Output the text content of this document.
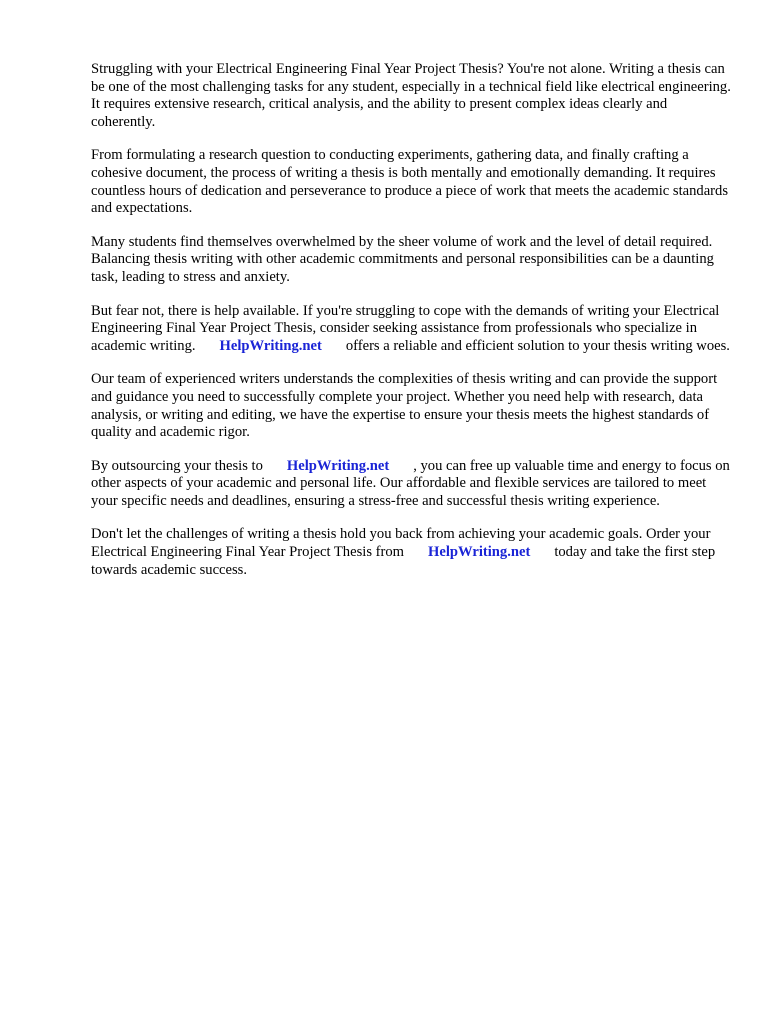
Struggling with your Electrical Engineering Final Year Project Thesis? You're not alone. Writing a thesis can be one of the most challenging tasks for any student, especially in a technical field like electrical engineering. It requires extensive research, critical analysis, and the ability to present complex ideas clearly and coherently.

From formulating a research question to conducting experiments, gathering data, and finally crafting a cohesive document, the process of writing a thesis is both mentally and emotionally demanding. It requires countless hours of dedication and perseverance to produce a piece of work that meets the academic standards and expectations.

Many students find themselves overwhelmed by the sheer volume of work and the level of detail required. Balancing thesis writing with other academic commitments and personal responsibilities can be a daunting task, leading to stress and anxiety.

But fear not, there is help available. If you're struggling to cope with the demands of writing your Electrical Engineering Final Year Project Thesis, consider seeking assistance from professionals who specialize in academic writing. HelpWriting.net offers a reliable and efficient solution to your thesis writing woes.

Our team of experienced writers understands the complexities of thesis writing and can provide the support and guidance you need to successfully complete your project. Whether you need help with research, data analysis, or writing and editing, we have the expertise to ensure your thesis meets the highest standards of quality and academic rigor.

By outsourcing your thesis to HelpWriting.net , you can free up valuable time and energy to focus on other aspects of your academic and personal life. Our affordable and flexible services are tailored to meet your specific needs and deadlines, ensuring a stress-free and successful thesis writing experience.

Don't let the challenges of writing a thesis hold you back from achieving your academic goals. Order your Electrical Engineering Final Year Project Thesis from HelpWriting.net today and take the first step towards academic success.
